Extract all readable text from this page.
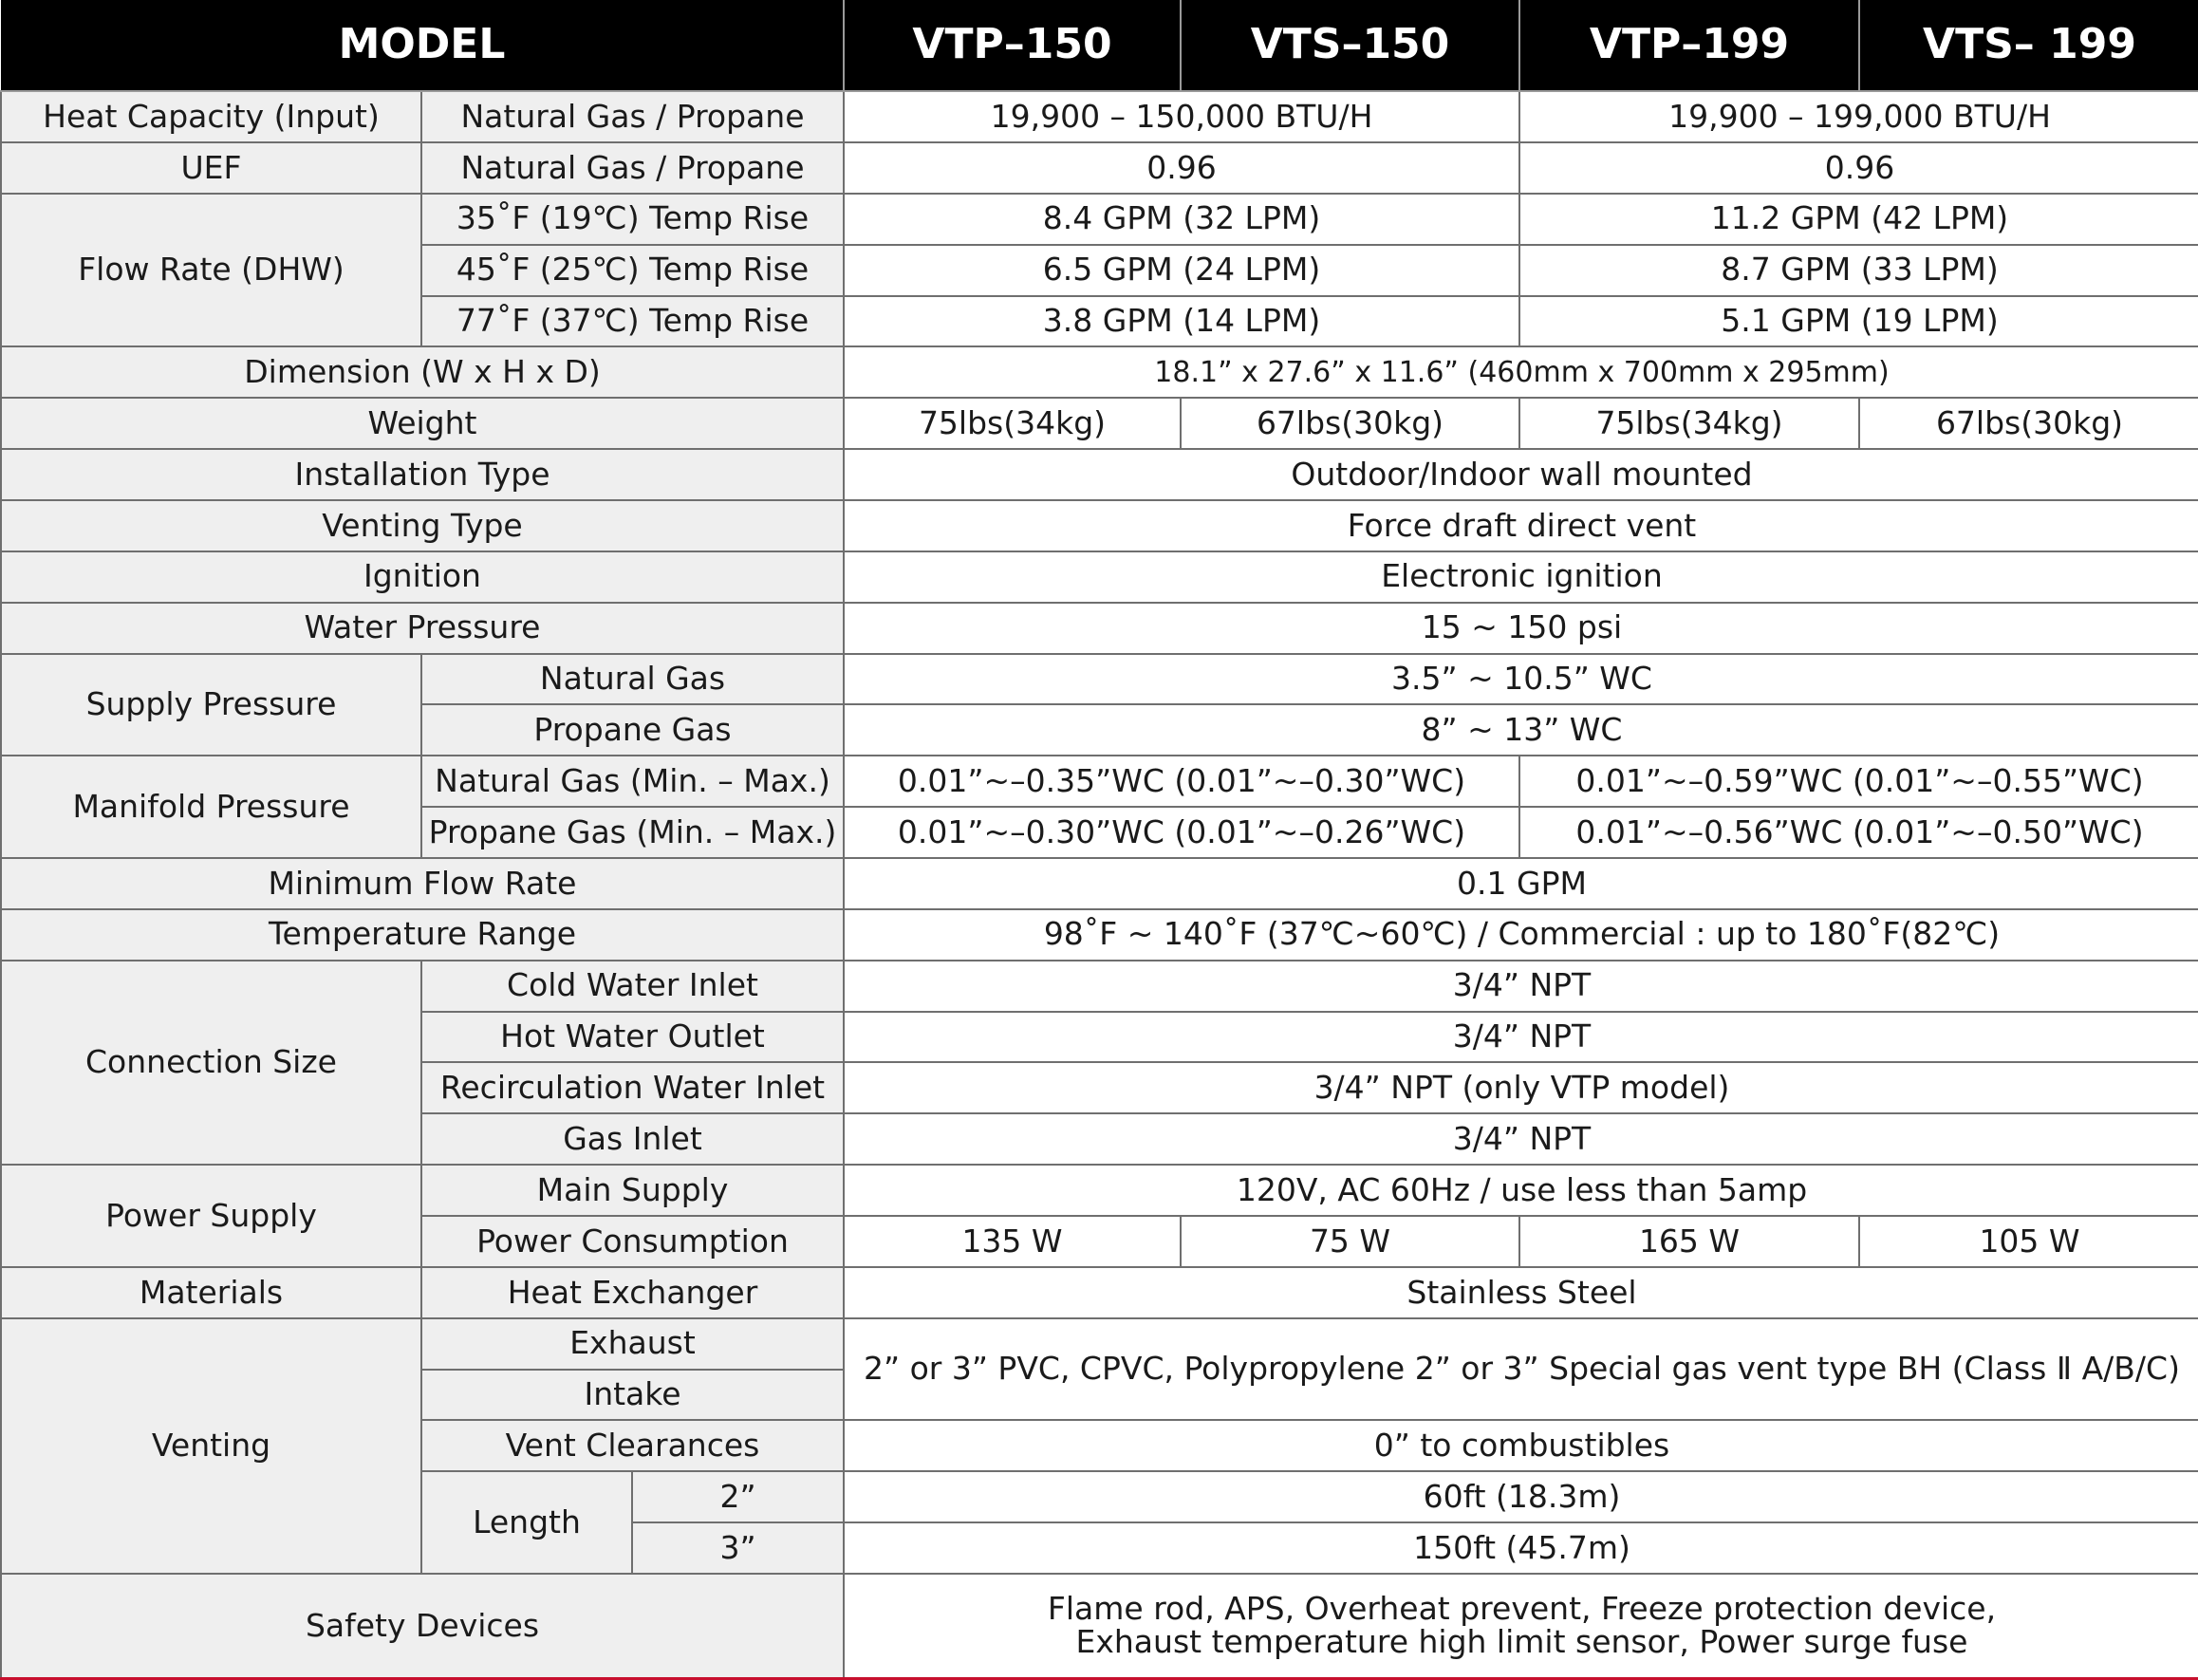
MODEL			VTP–150	VTS–150	VTP–199	VTS– 199
Heat Capacity (Input)	Natural Gas / Propane		19,900 – 150,000 BTU/H		19,900 – 199,000 BTU/H	
UEF	Natural Gas / Propane		0.96		0.96	
Flow Rate (DHW)	35˚F (19℃) Temp Rise		8.4 GPM (32 LPM)		11.2 GPM (42 LPM)	
	45˚F (25℃) Temp Rise		6.5 GPM (24 LPM)		8.7 GPM (33 LPM)	
	77˚F (37℃) Temp Rise		3.8 GPM (14 LPM)		5.1 GPM (19 LPM)	
Dimension (W x H x D)			18.1” x 27.6” x 11.6” (460mm x 700mm x 295mm)			
Weight			75lbs(34kg)	67lbs(30kg)	75lbs(34kg)	67lbs(30kg)
Installation Type			Outdoor/Indoor wall mounted			
Venting Type			Force draft direct vent			
Ignition			Electronic ignition			
Water Pressure			15 ~ 150 psi			
Supply Pressure	Natural Gas		3.5” ~ 10.5” WC			
	Propane Gas		8” ~ 13” WC			
Manifold Pressure	Natural Gas (Min. – Max.)		0.01”~–0.35”WC (0.01”~–0.30”WC)		0.01”~–0.59”WC (0.01”~–0.55”WC)	
	Propane Gas (Min. – Max.)		0.01”~–0.30”WC (0.01”~–0.26”WC)		0.01”~–0.56”WC (0.01”~–0.50”WC)	
Minimum Flow Rate			0.1 GPM			
Temperature Range			98˚F ~ 140˚F (37℃~60℃) / Commercial : up to 180˚F(82℃)			
Connection Size	Cold Water Inlet		3/4” NPT			
	Hot Water Outlet		3/4” NPT			
	Recirculation Water Inlet		3/4” NPT (only VTP model)			
	Gas Inlet		3/4” NPT			
Power Supply	Main Supply		120V, AC 60Hz / use less than 5amp			
	Power Consumption		135 W	75 W	165 W	105 W
Materials	Heat Exchanger		Stainless Steel			
Venting	Exhaust		2” or 3” PVC, CPVC, Polypropylene 2” or 3” Special gas vent type BH (Class Ⅱ A/B/C)			
	Intake					
	Vent Clearances		0” to combustibles			
	Length	2”	60ft (18.3m)			
		3”	150ft (45.7m)			
Safety Devices			Flame rod, APS, Overheat prevent, Freeze protection device,
Exhaust temperature high limit sensor, Power surge fuse			
